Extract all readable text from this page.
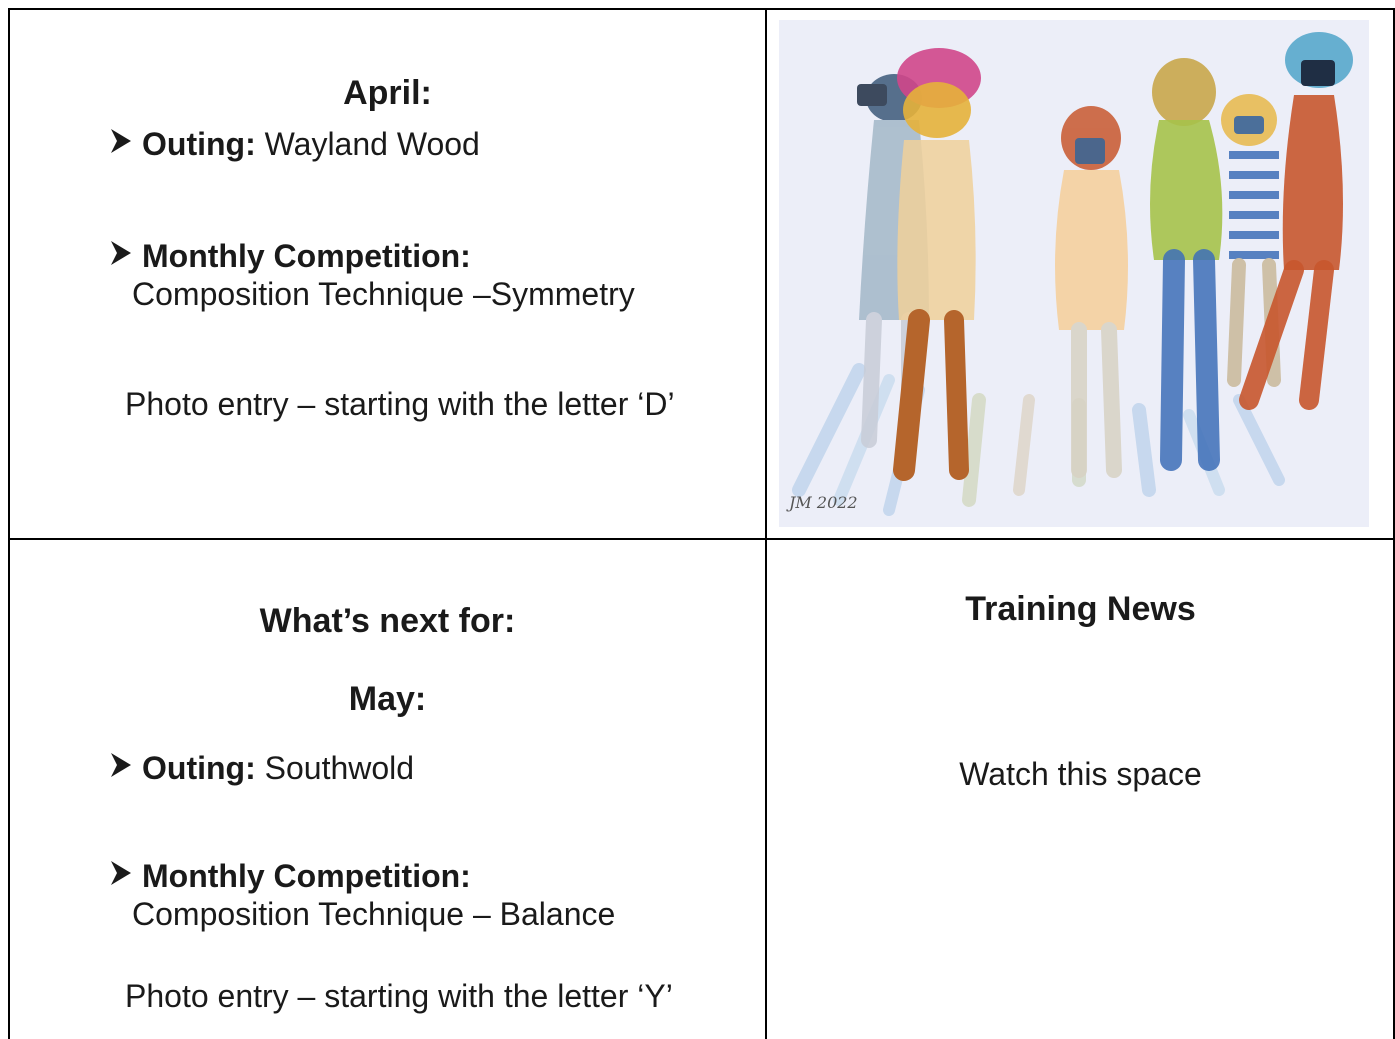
April:
Outing: Wayland Wood
Monthly Competition:
Composition Technique –Symmetry
Photo entry – starting with the letter ‘D’
JM 2022
What’s next for:
May:
Outing: Southwold
Monthly Competition:
Composition Technique – Balance
Photo entry – starting with the letter ‘Y’
Training News
Watch this space
